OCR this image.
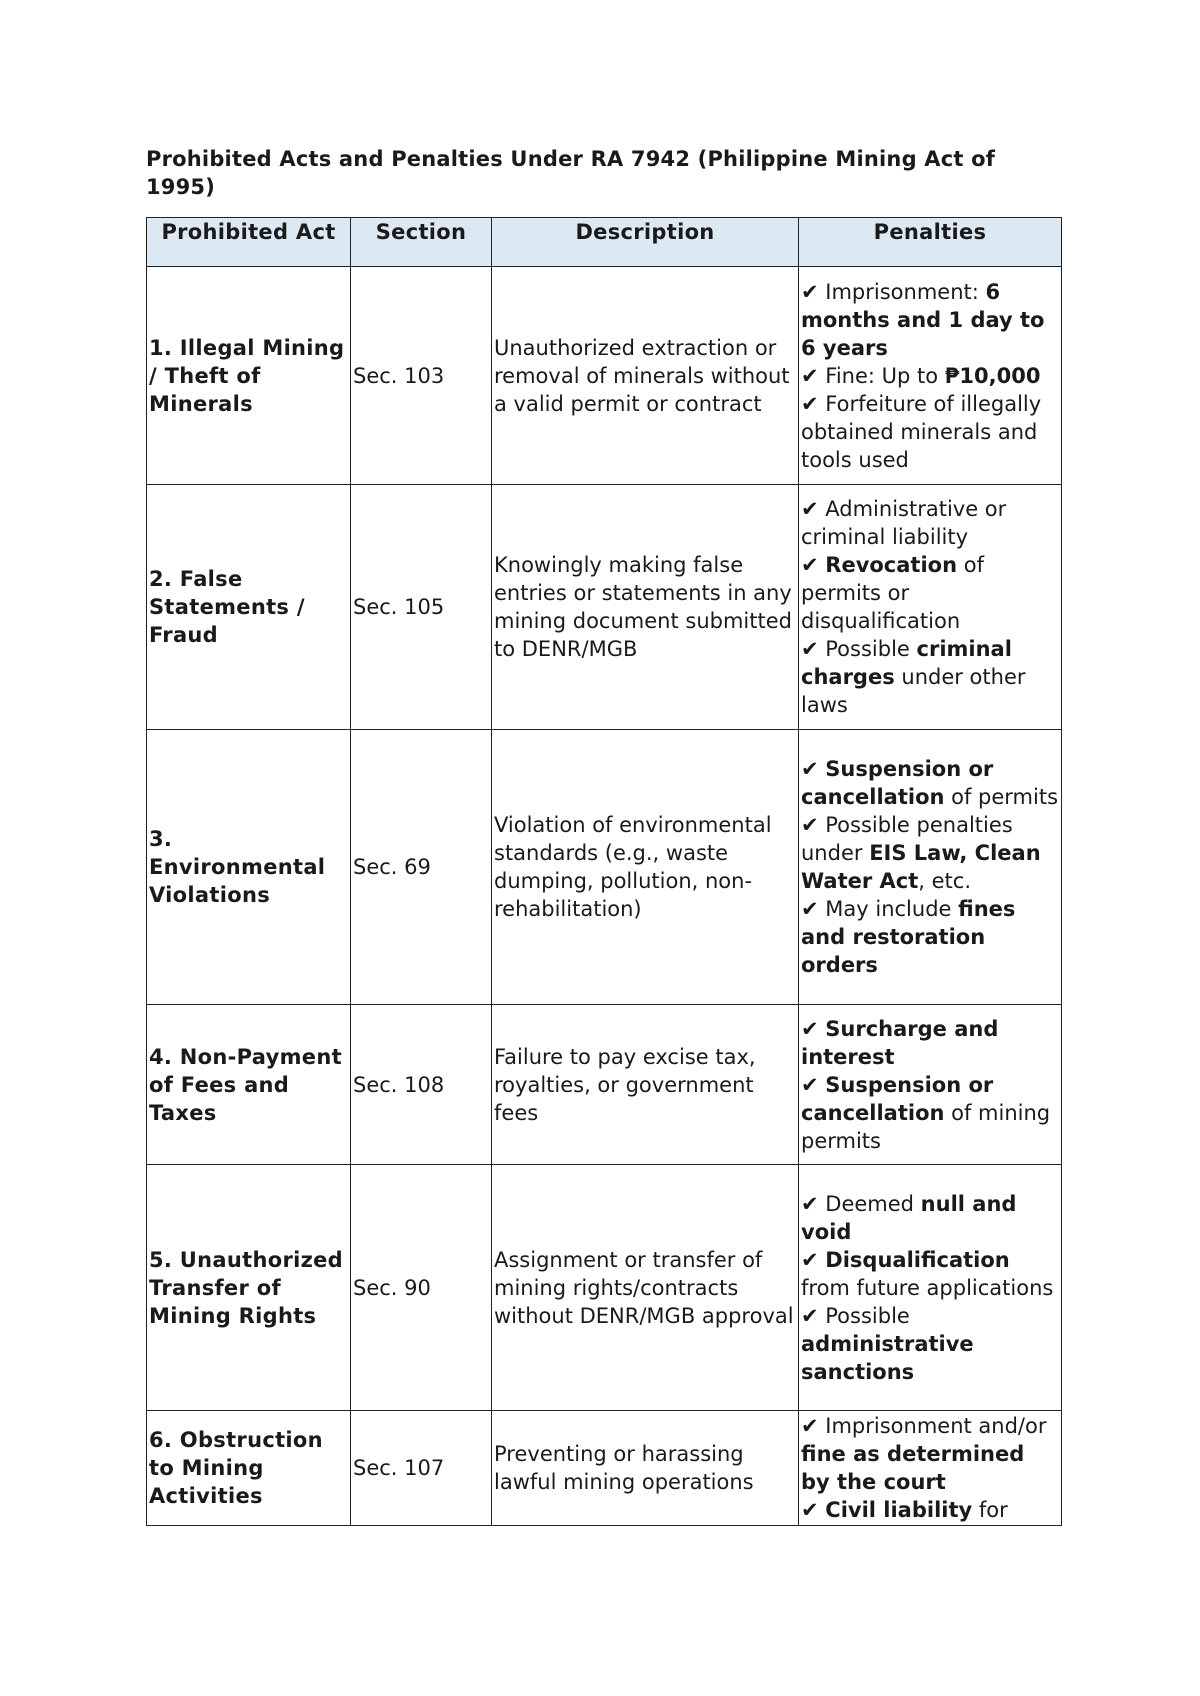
Prohibited Acts and Penalties Under RA 7942 (Philippine Mining Act of 1995)
Prohibited Act	Section	Description	Penalties
1. Illegal Mining / Theft of Minerals	Sec. 103	Unauthorized extraction or removal of minerals without a valid permit or contract	✔ Imprisonment: 6 months and 1 day to 6 years
✔ Fine: Up to ₱10,000
✔ Forfeiture of illegally obtained minerals and tools used

2. False Statements / Fraud	Sec. 105	Knowingly making false entries or statements in any mining document submitted to DENR/MGB	✔ Administrative or criminal liability
✔ Revocation of permits or disqualification
✔ Possible criminal charges under other laws

3. Environmental Violations	Sec. 69	Violation of environmental standards (e.g., waste dumping, pollution, non-rehabilitation)	✔ Suspension or cancellation of permits
✔ Possible penalties under EIS Law, Clean Water Act, etc.
✔ May include fines and restoration orders

4. Non-Payment of Fees and Taxes	Sec. 108	Failure to pay excise tax, royalties, or government fees	✔ Surcharge and interest
✔ Suspension or cancellation of mining permits

5. Unauthorized Transfer of Mining Rights	Sec. 90	Assignment or transfer of mining rights/contracts without DENR/MGB approval	✔ Deemed null and void
✔ Disqualification from future applications
✔ Possible administrative sanctions

6. Obstruction to Mining Activities	Sec. 107	Preventing or harassing lawful mining operations	✔ Imprisonment and/or fine as determined by the court
✔ Civil liability for
